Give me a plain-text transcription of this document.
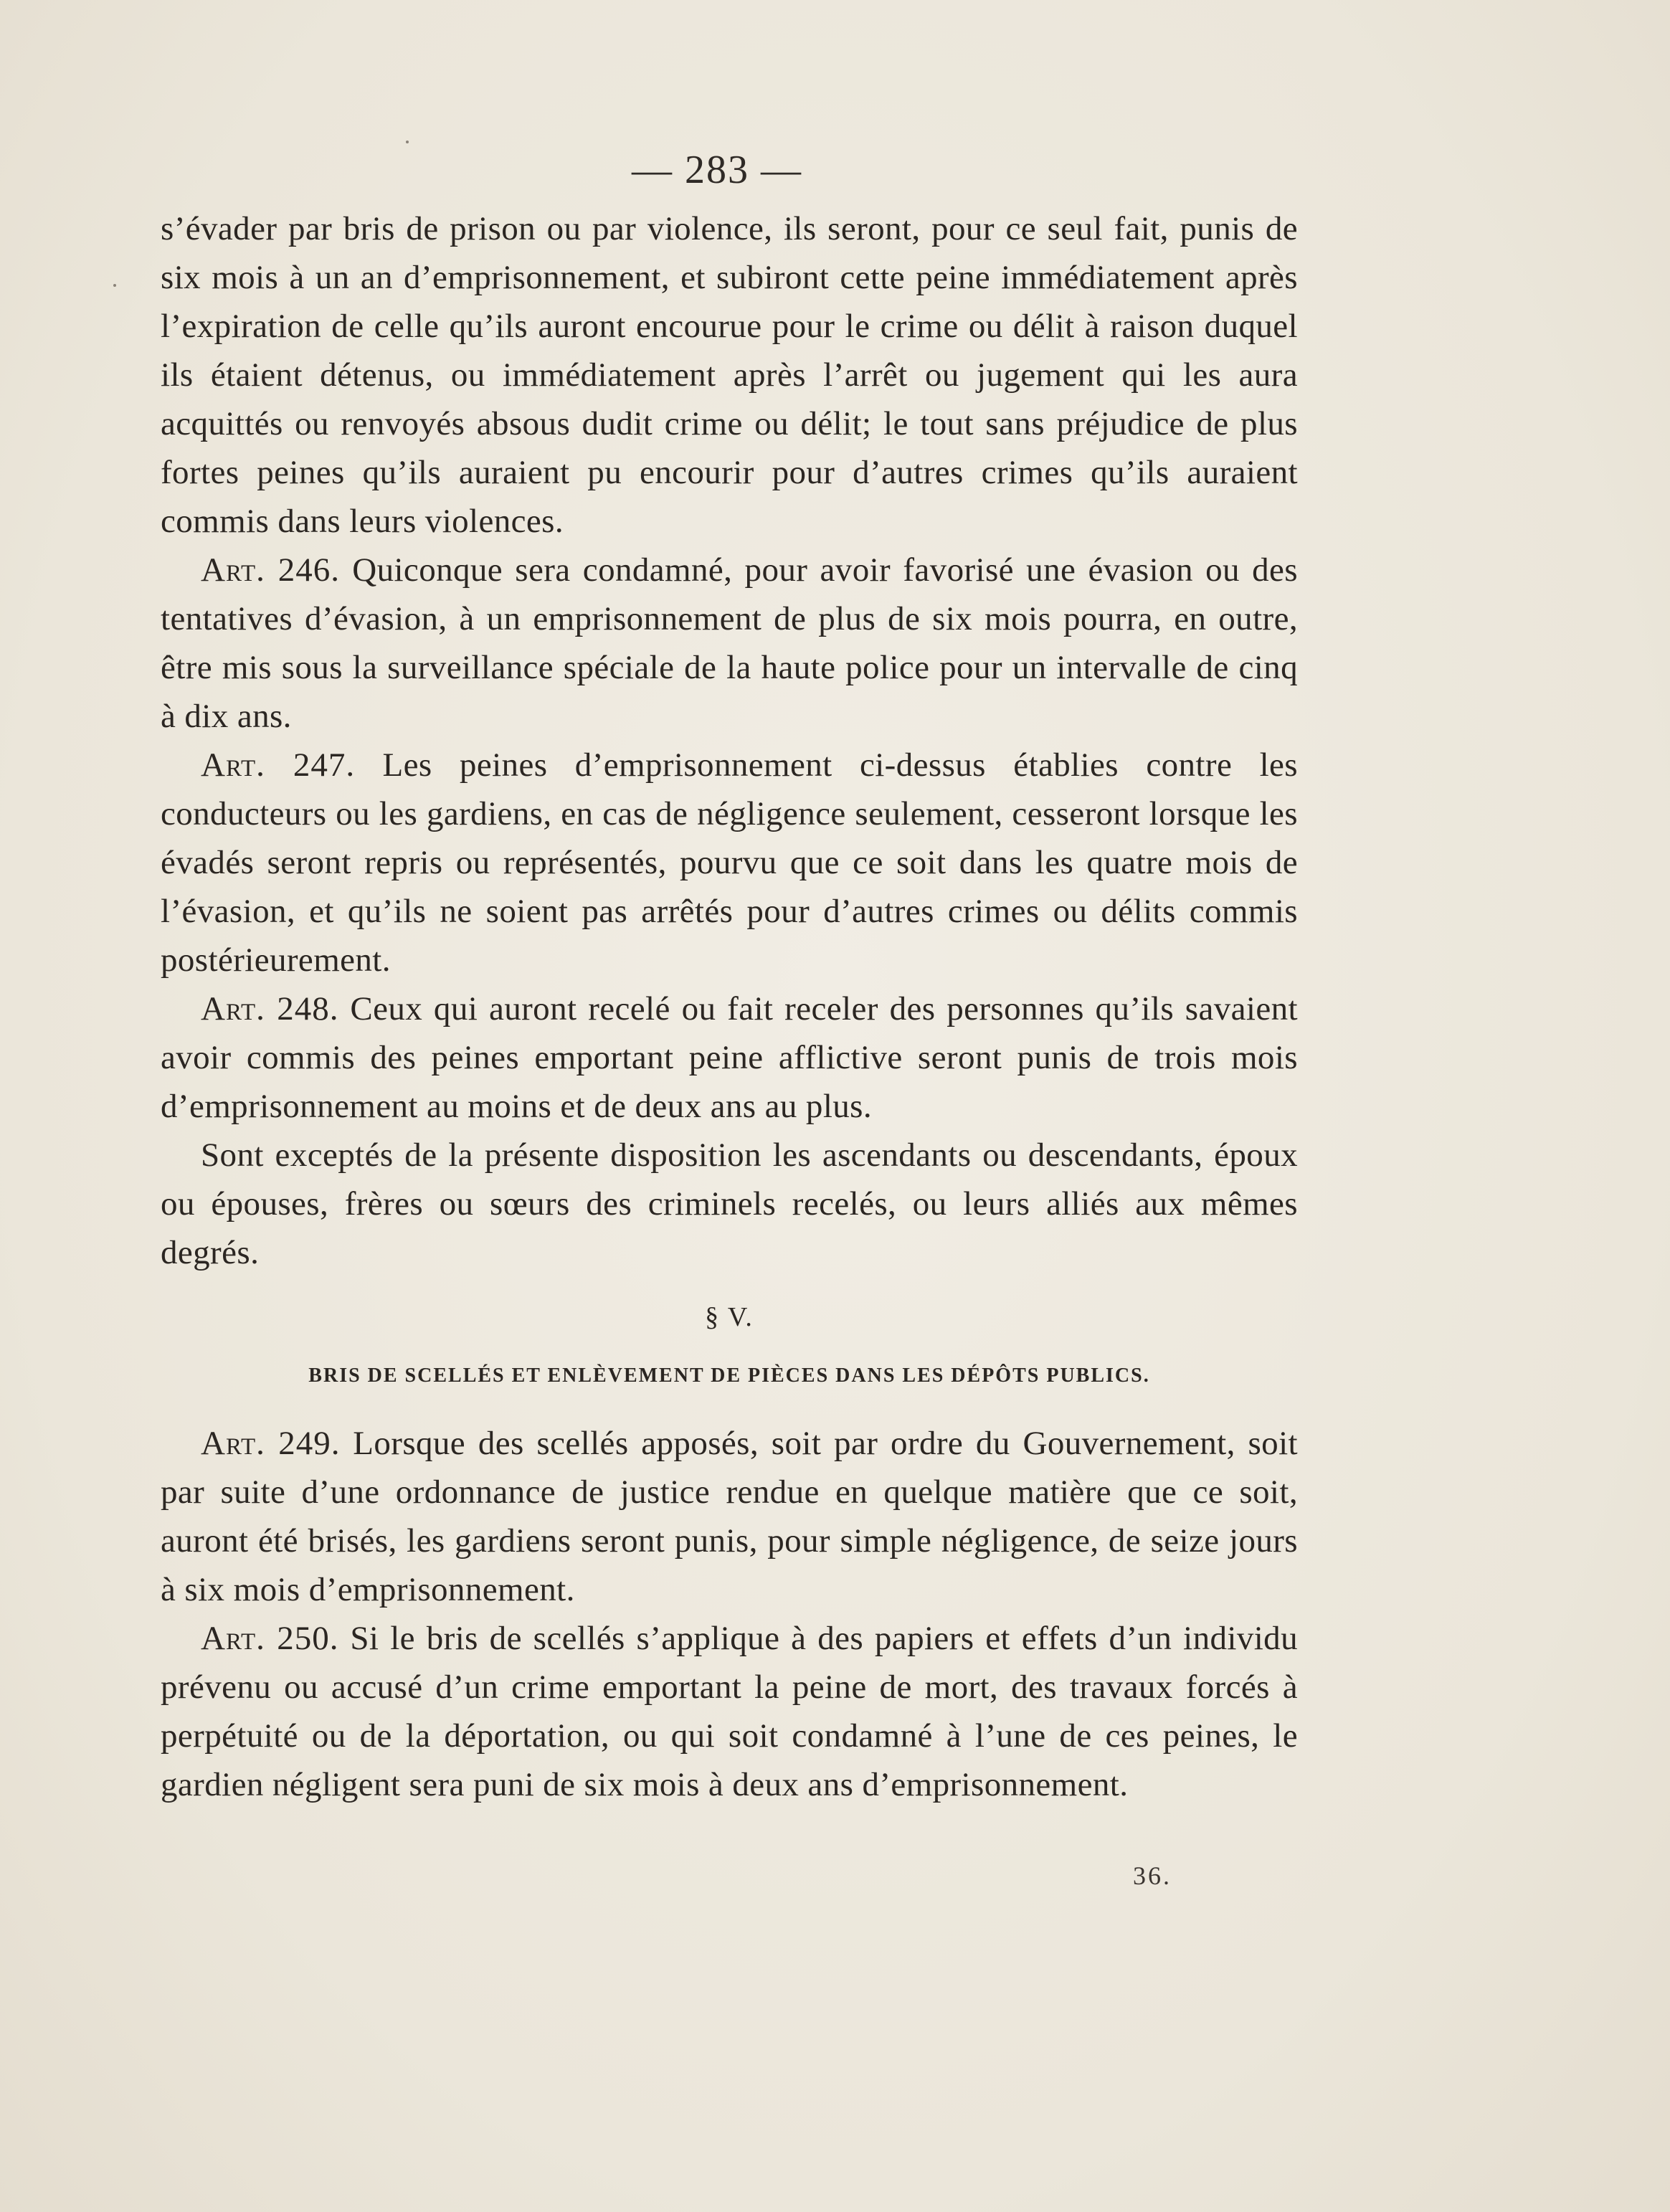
— 283 —

s’évader par bris de prison ou par violence, ils seront, pour ce seul fait, punis de six mois à un an d’emprisonnement, et subiront cette peine immédiatement après l’expiration de celle qu’ils auront encourue pour le crime ou délit à raison duquel ils étaient détenus, ou immédiatement après l’arrêt ou jugement qui les aura acquittés ou renvoyés absous dudit crime ou délit; le tout sans préjudice de plus fortes peines qu’ils auraient pu encourir pour d’autres crimes qu’ils auraient commis dans leurs violences.

Art. 246. Quiconque sera condamné, pour avoir favorisé une évasion ou des tentatives d’évasion, à un emprisonnement de plus de six mois pourra, en outre, être mis sous la surveillance spéciale de la haute police pour un intervalle de cinq à dix ans.

Art. 247. Les peines d’emprisonnement ci-dessus établies contre les conducteurs ou les gardiens, en cas de négligence seulement, cesseront lorsque les évadés seront repris ou représentés, pourvu que ce soit dans les quatre mois de l’évasion, et qu’ils ne soient pas arrêtés pour d’autres crimes ou délits commis postérieurement.

Art. 248. Ceux qui auront recelé ou fait receler des personnes qu’ils savaient avoir commis des peines emportant peine afflictive seront punis de trois mois d’emprisonnement au moins et de deux ans au plus.

Sont exceptés de la présente disposition les ascendants ou descendants, époux ou épouses, frères ou sœurs des criminels recelés, ou leurs alliés aux mêmes degrés.

§ V.

BRIS DE SCELLÉS ET ENLÈVEMENT DE PIÈCES DANS LES DÉPÔTS PUBLICS.

Art. 249. Lorsque des scellés apposés, soit par ordre du Gouvernement, soit par suite d’une ordonnance de justice rendue en quelque matière que ce soit, auront été brisés, les gardiens seront punis, pour simple négligence, de seize jours à six mois d’emprisonnement.

Art. 250. Si le bris de scellés s’applique à des papiers et effets d’un individu prévenu ou accusé d’un crime emportant la peine de mort, des travaux forcés à perpétuité ou de la déportation, ou qui soit condamné à l’une de ces peines, le gardien négligent sera puni de six mois à deux ans d’emprisonnement.

36.
